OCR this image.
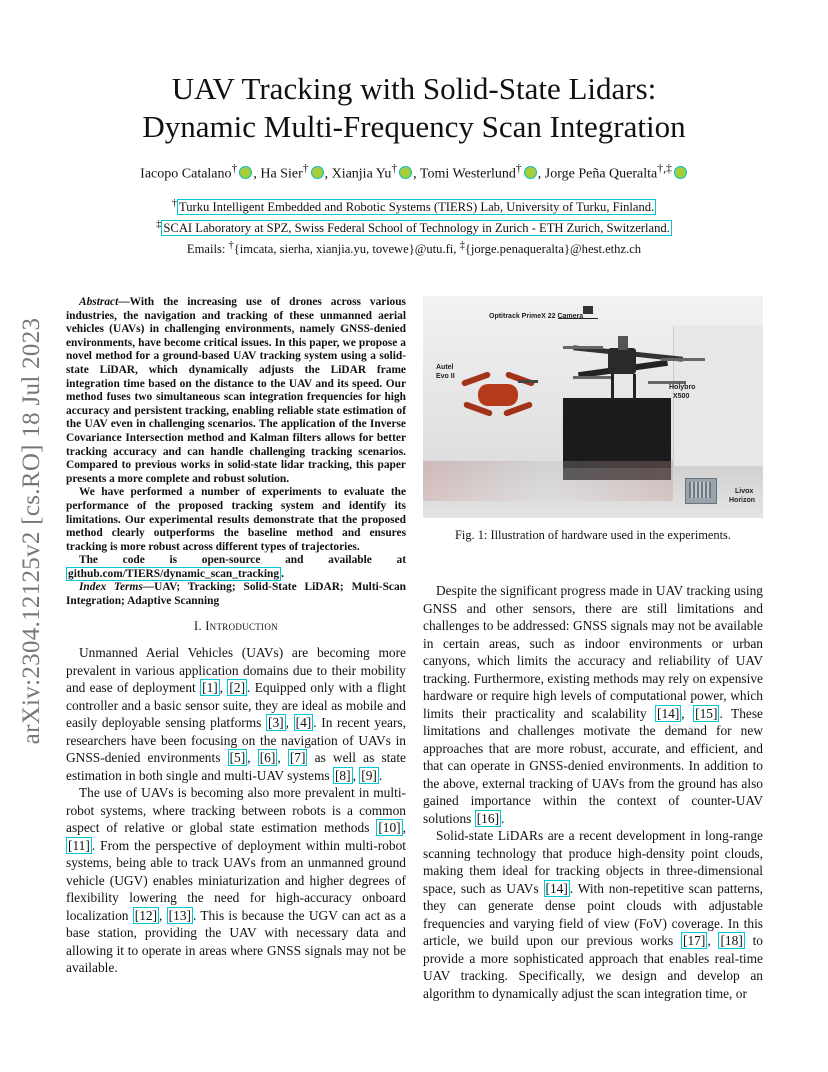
UAV Tracking with Solid-State Lidars:
Dynamic Multi-Frequency Scan Integration
Iacopo Catalano† , Ha Sier† , Xianjia Yu† , Tomi Westerlund† , Jorge Peña Queralta†,‡
† Turku Intelligent Embedded and Robotic Systems (TIERS) Lab, University of Turku, Finland.
‡ SCAI Laboratory at SPZ, Swiss Federal School of Technology in Zurich - ETH Zurich, Switzerland.
Emails: †{imcata, sierha, xianjia.yu, tovewe}@utu.fi, ‡{jorge.penaqueralta}@hest.ethz.ch
arXiv:2304.12125v2 [cs.RO] 18 Jul 2023

Abstract—With the increasing use of drones across various industries, the navigation and tracking of these unmanned aerial vehicles (UAVs) in challenging environments, namely GNSS-denied environments, have become critical issues. In this paper, we propose a novel method for a ground-based UAV tracking system using a solid-state LiDAR, which dynamically adjusts the LiDAR frame integration time based on the distance to the UAV and its speed. Our method fuses two simultaneous scan integration frequencies for high accuracy and persistent tracking, enabling reliable state estimation of the UAV even in challenging scenarios. The application of the Inverse Covariance Intersection method and Kalman filters allows for better tracking accuracy and can handle challenging tracking scenarios. Compared to previous works in solid-state lidar tracking, this paper presents a more complete and robust solution.

We have performed a number of experiments to evaluate the performance of the proposed tracking system and identify its limitations. Our experimental results demonstrate that the proposed method clearly outperforms the baseline method and ensures tracking is more robust across different types of trajectories.

The code is open-source and available at github.com/TIERS/dynamic_scan_tracking .

Index Terms—UAV; Tracking; Solid-State LiDAR; Multi-Scan Integration; Adaptive Scanning

I. Introduction

Unmanned Aerial Vehicles (UAVs) are becoming more prevalent in various application domains due to their mobility and ease of deployment [1] , [2] . Equipped only with a flight controller and a basic sensor suite, they are ideal as mobile and easily deployable sensing platforms [3] , [4] . In recent years, researchers have been focusing on the navigation of UAVs in GNSS-denied environments [5] , [6] , [7] as well as state estimation in both single and multi-UAV systems [8] , [9] .

The use of UAVs is becoming also more prevalent in multi-robot systems, where tracking between robots is a common aspect of relative or global state estimation methods [10] , [11] . From the perspective of deployment within multi-robot systems, being able to track UAVs from an unmanned ground vehicle (UGV) enables miniaturization and higher degrees of flexibility lowering the need for high-accuracy onboard localization [12] , [13] . This is because the UGV can act as a base station, providing the UAV with necessary data and allowing it to operate in areas where GNSS signals may not be available.

Optitrack PrimeX 22 Camera
Autel
Evo II
Holybro
X500
Livox
Horizon
Fig. 1: Illustration of hardware used in the experiments.

Despite the significant progress made in UAV tracking using GNSS and other sensors, there are still limitations and challenges to be addressed: GNSS signals may not be available in certain areas, such as indoor environments or urban canyons, which limits the accuracy and reliability of UAV tracking. Furthermore, existing methods may rely on expensive hardware or require high levels of computational power, which limits their practicality and scalability [14] , [15] . These limitations and challenges motivate the demand for new approaches that are more robust, accurate, and efficient, and that can operate in GNSS-denied environments. In addition to the above, external tracking of UAVs from the ground has also gained importance within the context of counter-UAV solutions [16] .

Solid-state LiDARs are a recent development in long-range scanning technology that produce high-density point clouds, making them ideal for tracking objects in three-dimensional space, such as UAVs [14] . With non-repetitive scan patterns, they can generate dense point clouds with adjustable frequencies and varying field of view (FoV) coverage. In this article, we build upon our previous works [17] , [18] to provide a more sophisticated approach that enables real-time UAV tracking. Specifically, we design and develop an algorithm to dynamically adjust the scan integration time, or
